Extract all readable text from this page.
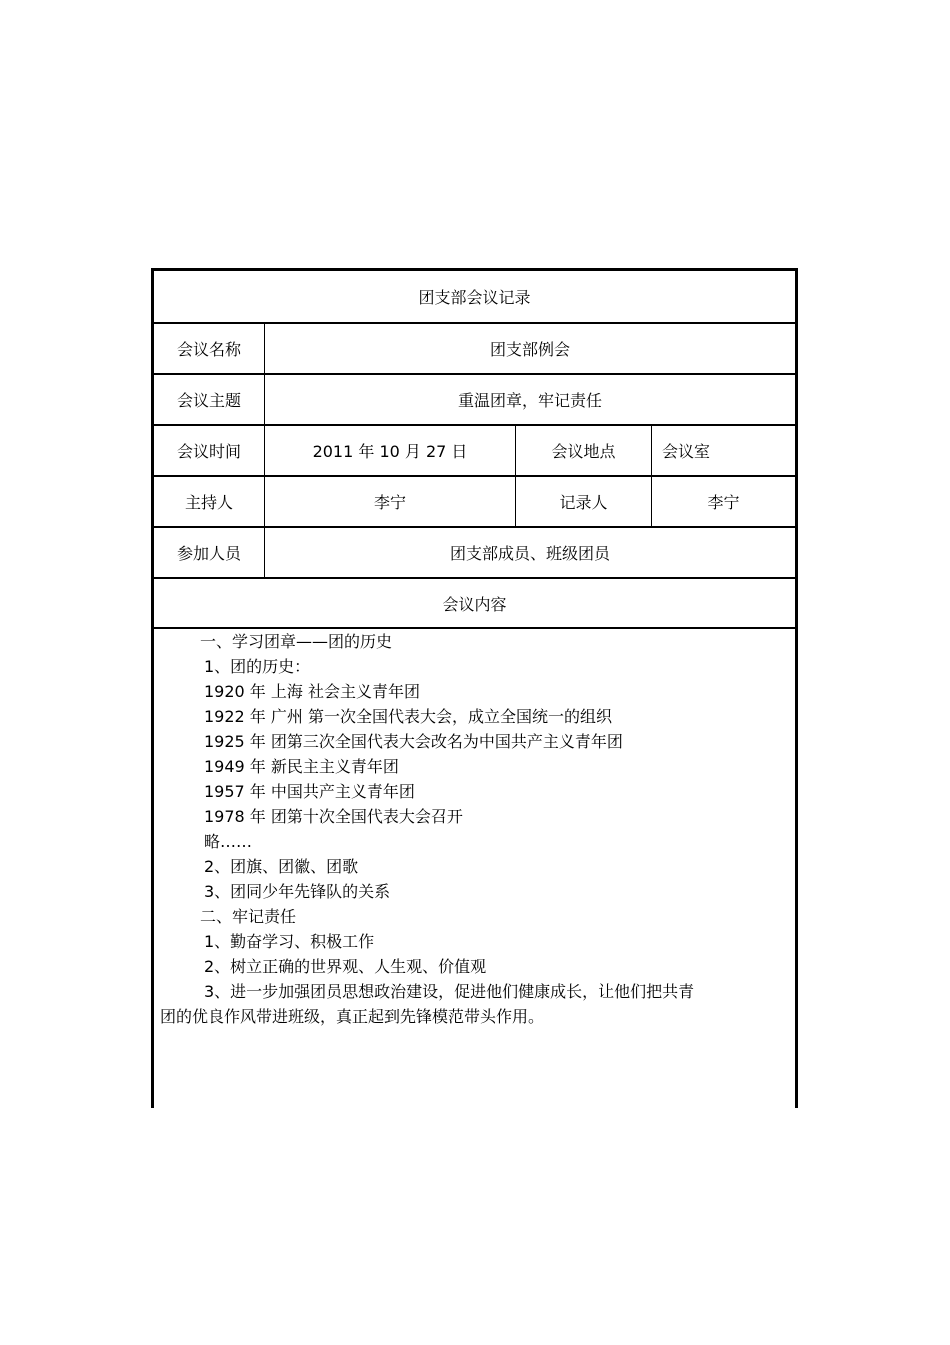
团支部会议记录
会议名称	团支部例会
会议主题	重温团章，牢记责任
会议时间	2011 年 10 月 27 日	会议地点	会议室
主持人	李宁	记录人	李宁
参加人员	团支部成员、班级团员
会议内容
一、学习团章——团的历史
1、团的历史：
1920 年 上海 社会主义青年团
1922 年 广州 第一次全国代表大会，成立全国统一的组织
1925 年 团第三次全国代表大会改名为中国共产主义青年团
1949 年 新民主主义青年团
1957 年 中国共产主义青年团
1978 年 团第十次全国代表大会召开
略……
2、团旗、团徽、团歌
3、团同少年先锋队的关系
二、牢记责任
1、勤奋学习、积极工作
2、树立正确的世界观、人生观、价值观
3、进一步加强团员思想政治建设，促进他们健康成长，让他们把共青
团的优良作风带进班级，真正起到先锋模范带头作用。
